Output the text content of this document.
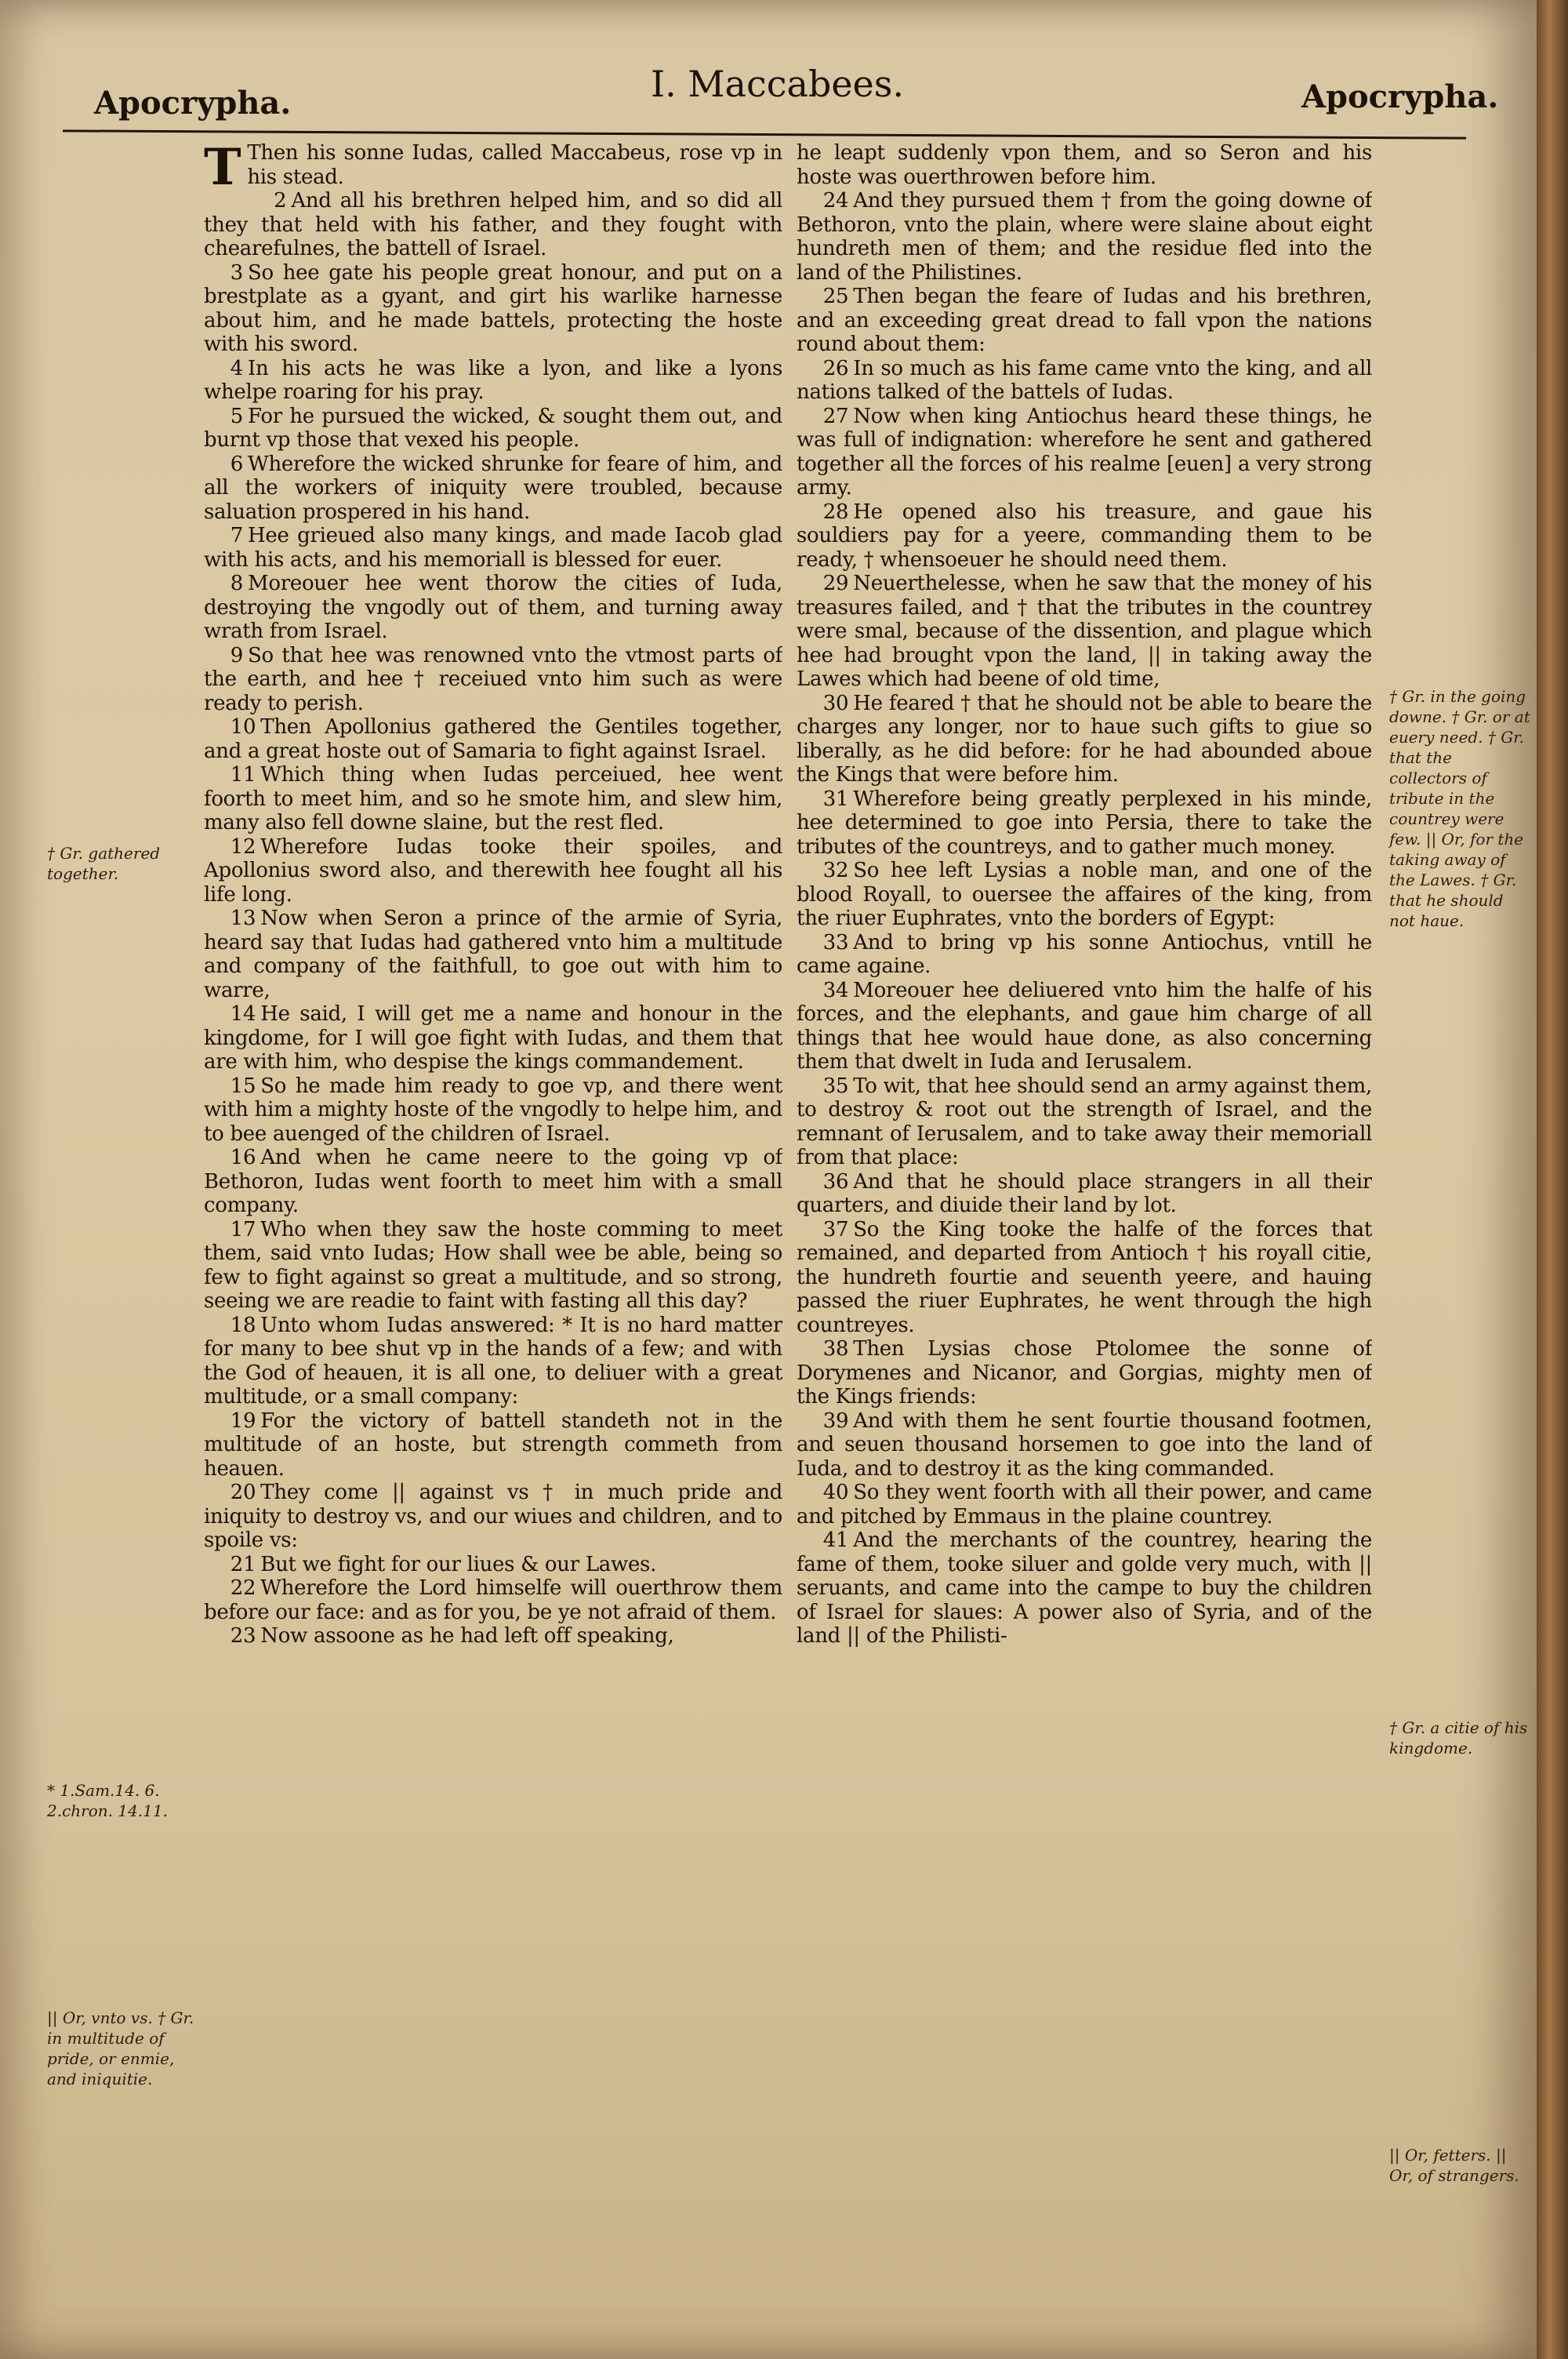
Apocrypha.	I. Maccabees.	Apocrypha.

T Then his sonne Iudas, called Maccabeus, rose vp in his stead.

2 And all his brethren helped him, and so did all they that held with his father, and they fought with chearefulnes, the battell of Israel.

3 So hee gate his people great honour, and put on a brestplate as a gyant, and girt his warlike harnesse about him, and he made battels, protecting the hoste with his sword.

4 In his acts he was like a lyon, and like a lyons whelpe roaring for his pray.

5 For he pursued the wicked, & sought them out, and burnt vp those that vexed his people.

6 Wherefore the wicked shrunke for feare of him, and all the workers of iniquity were troubled, because saluation prospered in his hand.

7 Hee grieued also many kings, and made Iacob glad with his acts, and his memoriall is blessed for euer.

8 Moreouer hee went thorow the cities of Iuda, destroying the vngodly out of them, and turning away wrath from Israel.

9 So that hee was renowned vnto the vtmost parts of the earth, and hee † receiued vnto him such as were ready to perish.

10 Then Apollonius gathered the Gentiles together, and a great hoste out of Samaria to fight against Israel.

11 Which thing when Iudas perceiued, hee went foorth to meet him, and so he smote him, and slew him, many also fell downe slaine, but the rest fled.

12 Wherefore Iudas tooke their spoiles, and Apollonius sword also, and therewith hee fought all his life long.

13 Now when Seron a prince of the armie of Syria, heard say that Iudas had gathered vnto him a multitude and company of the faithfull, to goe out with him to warre,

14 He said, I will get me a name and honour in the kingdome, for I will goe fight with Iudas, and them that are with him, who despise the kings commandement.

15 So he made him ready to goe vp, and there went with him a mighty hoste of the vngodly to helpe him, and to bee auenged of the children of Israel.

16 And when he came neere to the going vp of Bethoron, Iudas went foorth to meet him with a small company.

17 Who when they saw the hoste comming to meet them, said vnto Iudas; How shall wee be able, being so few to fight against so great a multitude, and so strong, seeing we are readie to faint with fasting all this day?

18 Unto whom Iudas answered: * It is no hard matter for many to bee shut vp in the hands of a few; and with the God of heauen, it is all one, to deliuer with a great multitude, or a small company:

19 For the victory of battell standeth not in the multitude of an hoste, but strength commeth from heauen.

20 They come || against vs † in much pride and iniquity to destroy vs, and our wiues and children, and to spoile vs:

21 But we fight for our liues & our Lawes.

22 Wherefore the Lord himselfe will ouerthrow them before our face: and as for you, be ye not afraid of them.

23 Now assoone as he had left off speaking,

he leapt suddenly vpon them, and so Seron and his hoste was ouerthrowen before him.

24 And they pursued them † from the going downe of Bethoron, vnto the plain, where were slaine about eight hundreth men of them; and the residue fled into the land of the Philistines.

25 Then began the feare of Iudas and his brethren, and an exceeding great dread to fall vpon the nations round about them:

26 In so much as his fame came vnto the king, and all nations talked of the battels of Iudas.

27 Now when king Antiochus heard these things, he was full of indignation: wherefore he sent and gathered together all the forces of his realme [euen] a very strong army.

28 He opened also his treasure, and gaue his souldiers pay for a yeere, commanding them to be ready, † whensoeuer he should need them.

29 Neuerthelesse, when he saw that the money of his treasures failed, and † that the tributes in the countrey were smal, because of the dissention, and plague which hee had brought vpon the land, || in taking away the Lawes which had beene of old time,

30 He feared † that he should not be able to beare the charges any longer, nor to haue such gifts to giue so liberally, as he did before: for he had abounded aboue the Kings that were before him.

31 Wherefore being greatly perplexed in his minde, hee determined to goe into Persia, there to take the tributes of the countreys, and to gather much money.

32 So hee left Lysias a noble man, and one of the blood Royall, to ouersee the affaires of the king, from the riuer Euphrates, vnto the borders of Egypt:

33 And to bring vp his sonne Antiochus, vntill he came againe.

34 Moreouer hee deliuered vnto him the halfe of his forces, and the elephants, and gaue him charge of all things that hee would haue done, as also concerning them that dwelt in Iuda and Ierusalem.

35 To wit, that hee should send an army against them, to destroy & root out the strength of Israel, and the remnant of Ierusalem, and to take away their memoriall from that place:

36 And that he should place strangers in all their quarters, and diuide their land by lot.

37 So the King tooke the halfe of the forces that remained, and departed from Antioch † his royall citie, the hundreth fourtie and seuenth yeere, and hauing passed the riuer Euphrates, he went through the high countreyes.

38 Then Lysias chose Ptolomee the sonne of Dorymenes and Nicanor, and Gorgias, mighty men of the Kings friends:

39 And with them he sent fourtie thousand footmen, and seuen thousand horsemen to goe into the land of Iuda, and to destroy it as the king commanded.

40 So they went foorth with all their power, and came and pitched by Emmaus in the plaine countrey.

41 And the merchants of the countrey, hearing the fame of them, tooke siluer and golde very much, with || seruants, and came into the campe to buy the children of Israel for slaues: A power also of Syria, and of the land || of the Philisti-

† Gr. gathered together.
* 1.Sam.14. 6. 2.chron. 14.11.
|| Or, vnto vs. † Gr. in multitude of pride, or enmie, and iniquitie.
† Gr. in the going downe. † Gr. or at euery need. † Gr. that the collectors of tribute in the countrey were few. || Or, for the taking away of the Lawes. † Gr. that he should not haue.
† Gr. a citie of his kingdome.
|| Or, fetters. || Or, of strangers.
